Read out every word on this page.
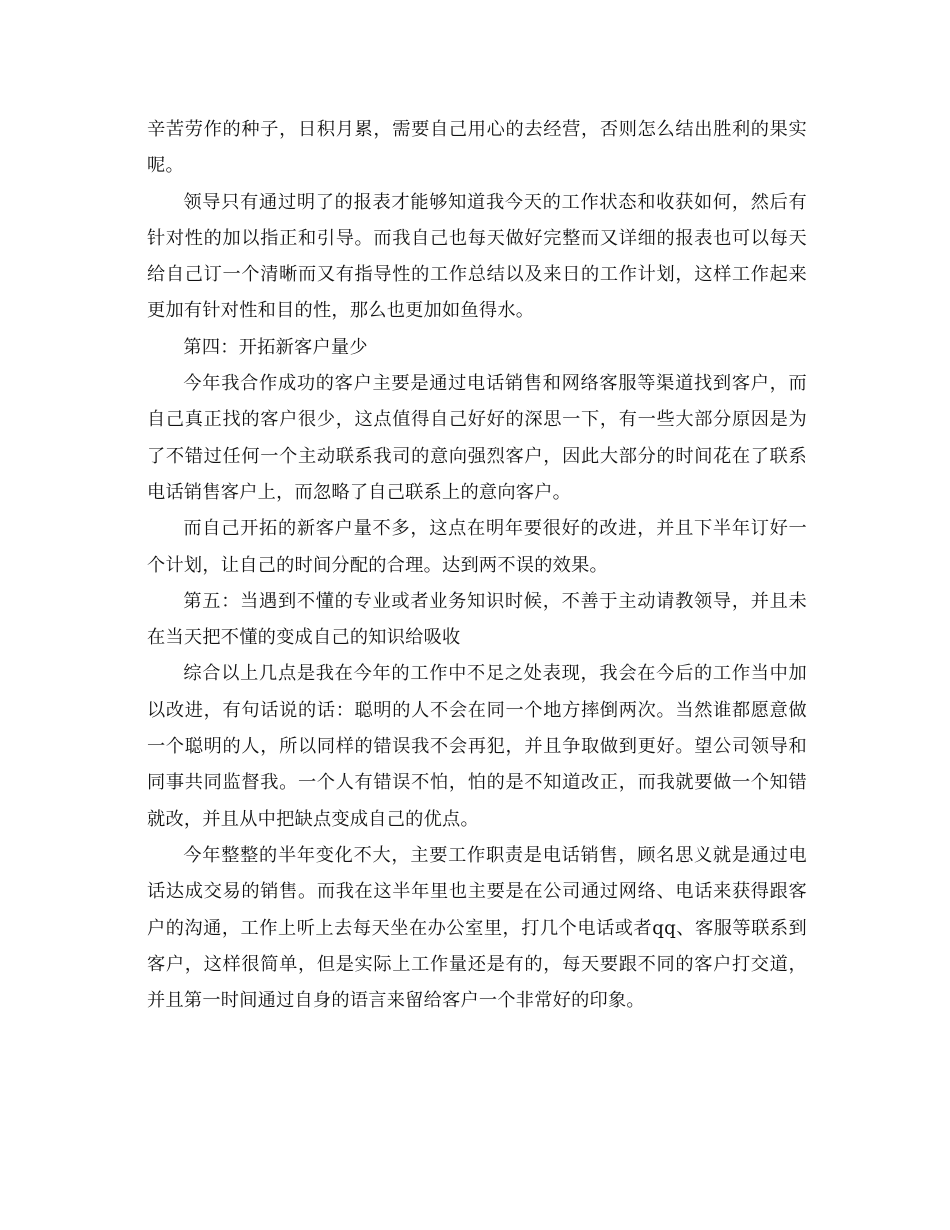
辛苦劳作的种子，日积月累，需要自己用心的去经营，否则怎么结出胜利的果实呢。

领导只有通过明了的报表才能够知道我今天的工作状态和收获如何，然后有针对性的加以指正和引导。而我自己也每天做好完整而又详细的报表也可以每天给自己订一个清晰而又有指导性的工作总结以及来日的工作计划，这样工作起来更加有针对性和目的性，那么也更加如鱼得水。

第四：开拓新客户量少

今年我合作成功的客户主要是通过电话销售和网络客服等渠道找到客户，而自己真正找的客户很少，这点值得自己好好的深思一下，有一些大部分原因是为了不错过任何一个主动联系我司的意向强烈客户，因此大部分的时间花在了联系电话销售客户上，而忽略了自己联系上的意向客户。

而自己开拓的新客户量不多，这点在明年要很好的改进，并且下半年订好一个计划，让自己的时间分配的合理。达到两不误的效果。

第五：当遇到不懂的专业或者业务知识时候，不善于主动请教领导，并且未在当天把不懂的变成自己的知识给吸收

综合以上几点是我在今年的工作中不足之处表现，我会在今后的工作当中加以改进，有句话说的话：聪明的人不会在同一个地方摔倒两次。当然谁都愿意做一个聪明的人，所以同样的错误我不会再犯，并且争取做到更好。望公司领导和同事共同监督我。一个人有错误不怕，怕的是不知道改正，而我就要做一个知错就改，并且从中把缺点变成自己的优点。

今年整整的半年变化不大，主要工作职责是电话销售，顾名思义就是通过电话达成交易的销售。而我在这半年里也主要是在公司通过网络、电话来获得跟客户的沟通，工作上听上去每天坐在办公室里，打几个电话或者qq、客服等联系到客户，这样很简单，但是实际上工作量还是有的，每天要跟不同的客户打交道，并且第一时间通过自身的语言来留给客户一个非常好的印象。
